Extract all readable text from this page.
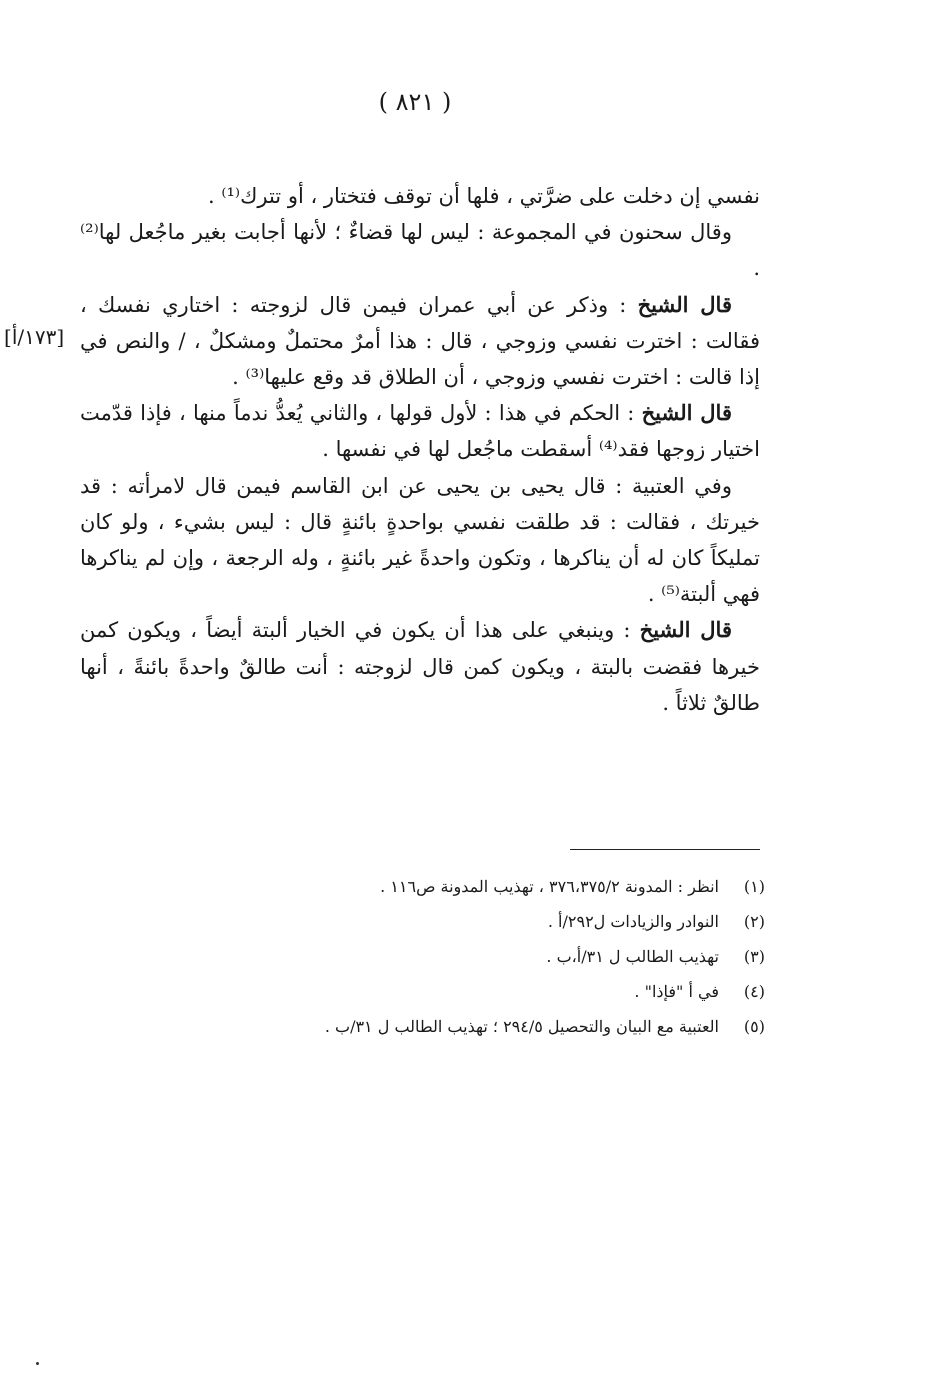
( ٨٢١ )
[١٧٣/أ]

نفسي إن دخلت على ضرَّتي ، فلها أن توقف فتختار ، أو تترك⁽¹⁾ .

وقال سحنون في المجموعة : ليس لها قضاءٌ ؛ لأنها أجابت بغير ماجُعل لها⁽²⁾ .

قال الشيخ : وذكر عن أبي عمران فيمن قال لزوجته : اختاري نفسك ، فقالت : اخترت نفسي وزوجي ، قال : هذا أمرٌ محتملٌ ومشكلٌ ، / والنص في إذا قالت : اخترت نفسي وزوجي ، أن الطلاق قد وقع عليها⁽³⁾ .

قال الشيخ : الحكم في هذا : لأول قولها ، والثاني يُعدُّ ندماً منها ، فإذا قدّمت اختيار زوجها فقد⁽⁴⁾ أسقطت ماجُعل لها في نفسها .

وفي العتبية : قال يحيى بن يحيى عن ابن القاسم فيمن قال لامرأته : قد خيرتك ، فقالت : قد طلقت نفسي بواحدةٍ بائنةٍ قال : ليس بشيء ، ولو كان تمليكاً كان له أن يناكرها ، وتكون واحدةً غير بائنةٍ ، وله الرجعة ، وإن لم يناكرها فهي ألبتة⁽⁵⁾ .

قال الشيخ : وينبغي على هذا أن يكون في الخيار ألبتة أيضاً ، ويكون كمن خيرها فقضت بالبتة ، ويكون كمن قال لزوجته : أنت طالقٌ واحدةً بائنةً ، أنها طالقٌ ثلاثاً .

(١)انظر : المدونة ٣٧٦،٣٧٥/٢ ، تهذيب المدونة ص١١٦ .
(٢)النوادر والزيادات ل٢٩٢/أ .
(٣)تهذيب الطالب ل ٣١/أ،ب .
(٤)في أ "فإذا" .
(٥)العتبية مع البيان والتحصيل ٢٩٤/٥ ؛ تهذيب الطالب ل ٣١/ب .
